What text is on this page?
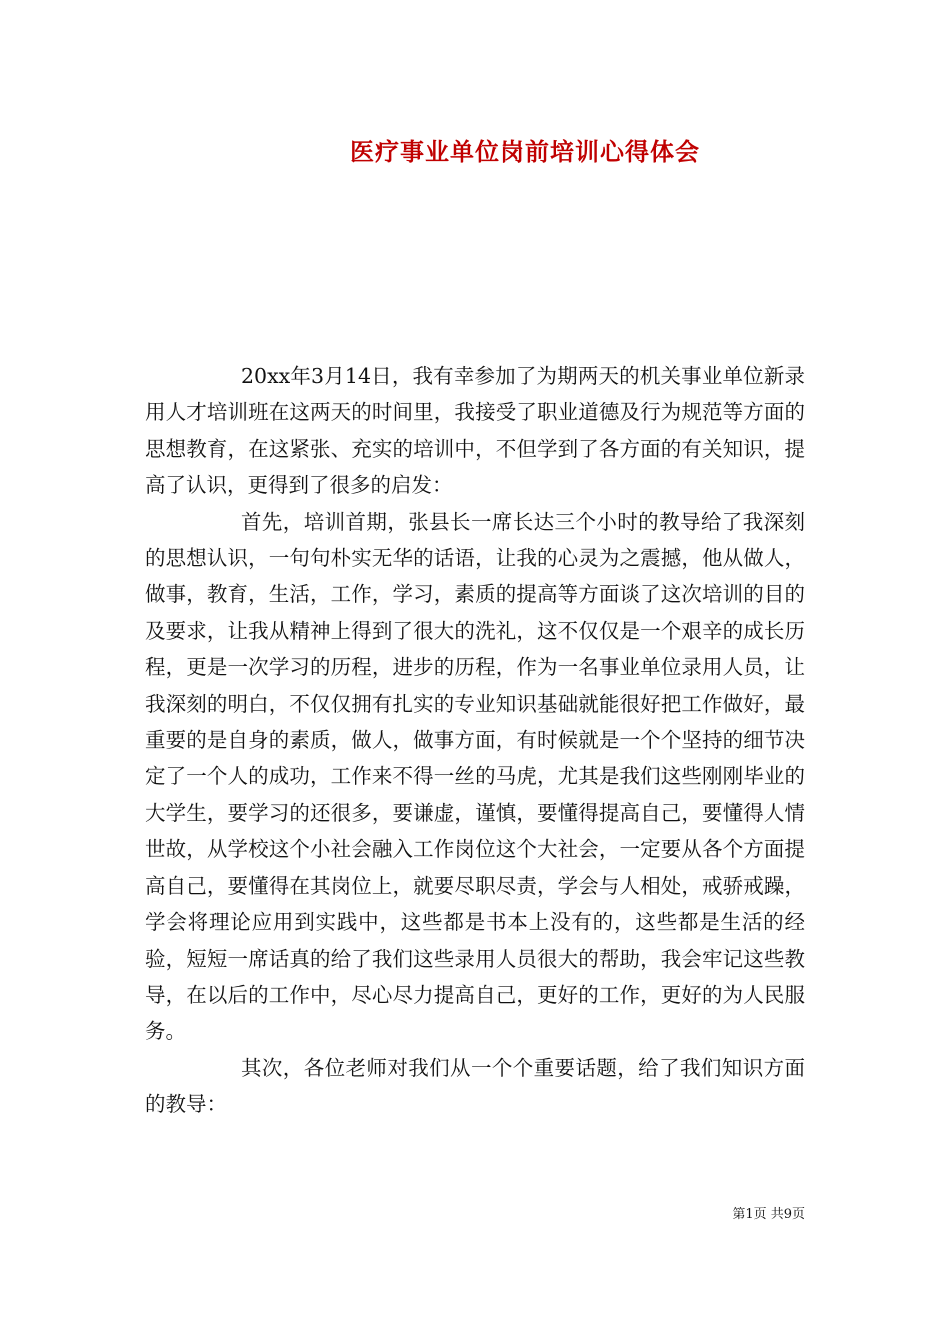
医疗事业单位岗前培训心得体会

20xx年3月14日，我有幸参加了为期两天的机关事业单位新录用人才培训班在这两天的时间里，我接受了职业道德及行为规范等方面的思想教育，在这紧张、充实的培训中，不但学到了各方面的有关知识，提高了认识，更得到了很多的启发：

首先，培训首期，张县长一席长达三个小时的教导给了我深刻的思想认识，一句句朴实无华的话语，让我的心灵为之震撼，他从做人，做事，教育，生活，工作，学习，素质的提高等方面谈了这次培训的目的及要求，让我从精神上得到了很大的洗礼，这不仅仅是一个艰辛的成长历程，更是一次学习的历程，进步的历程，作为一名事业单位录用人员，让我深刻的明白，不仅仅拥有扎实的专业知识基础就能很好把工作做好，最重要的是自身的素质，做人，做事方面，有时候就是一个个坚持的细节决定了一个人的成功，工作来不得一丝的马虎，尤其是我们这些刚刚毕业的大学生，要学习的还很多，要谦虚，谨慎，要懂得提高自己，要懂得人情世故，从学校这个小社会融入工作岗位这个大社会，一定要从各个方面提高自己，要懂得在其岗位上，就要尽职尽责，学会与人相处，戒骄戒躁，学会将理论应用到实践中，这些都是书本上没有的，这些都是生活的经验，短短一席话真的给了我们这些录用人员很大的帮助，我会牢记这些教导，在以后的工作中，尽心尽力提高自己，更好的工作，更好的为人民服务。

其次，各位老师对我们从一个个重要话题，给了我们知识方面的教导：

第1页 共9页
